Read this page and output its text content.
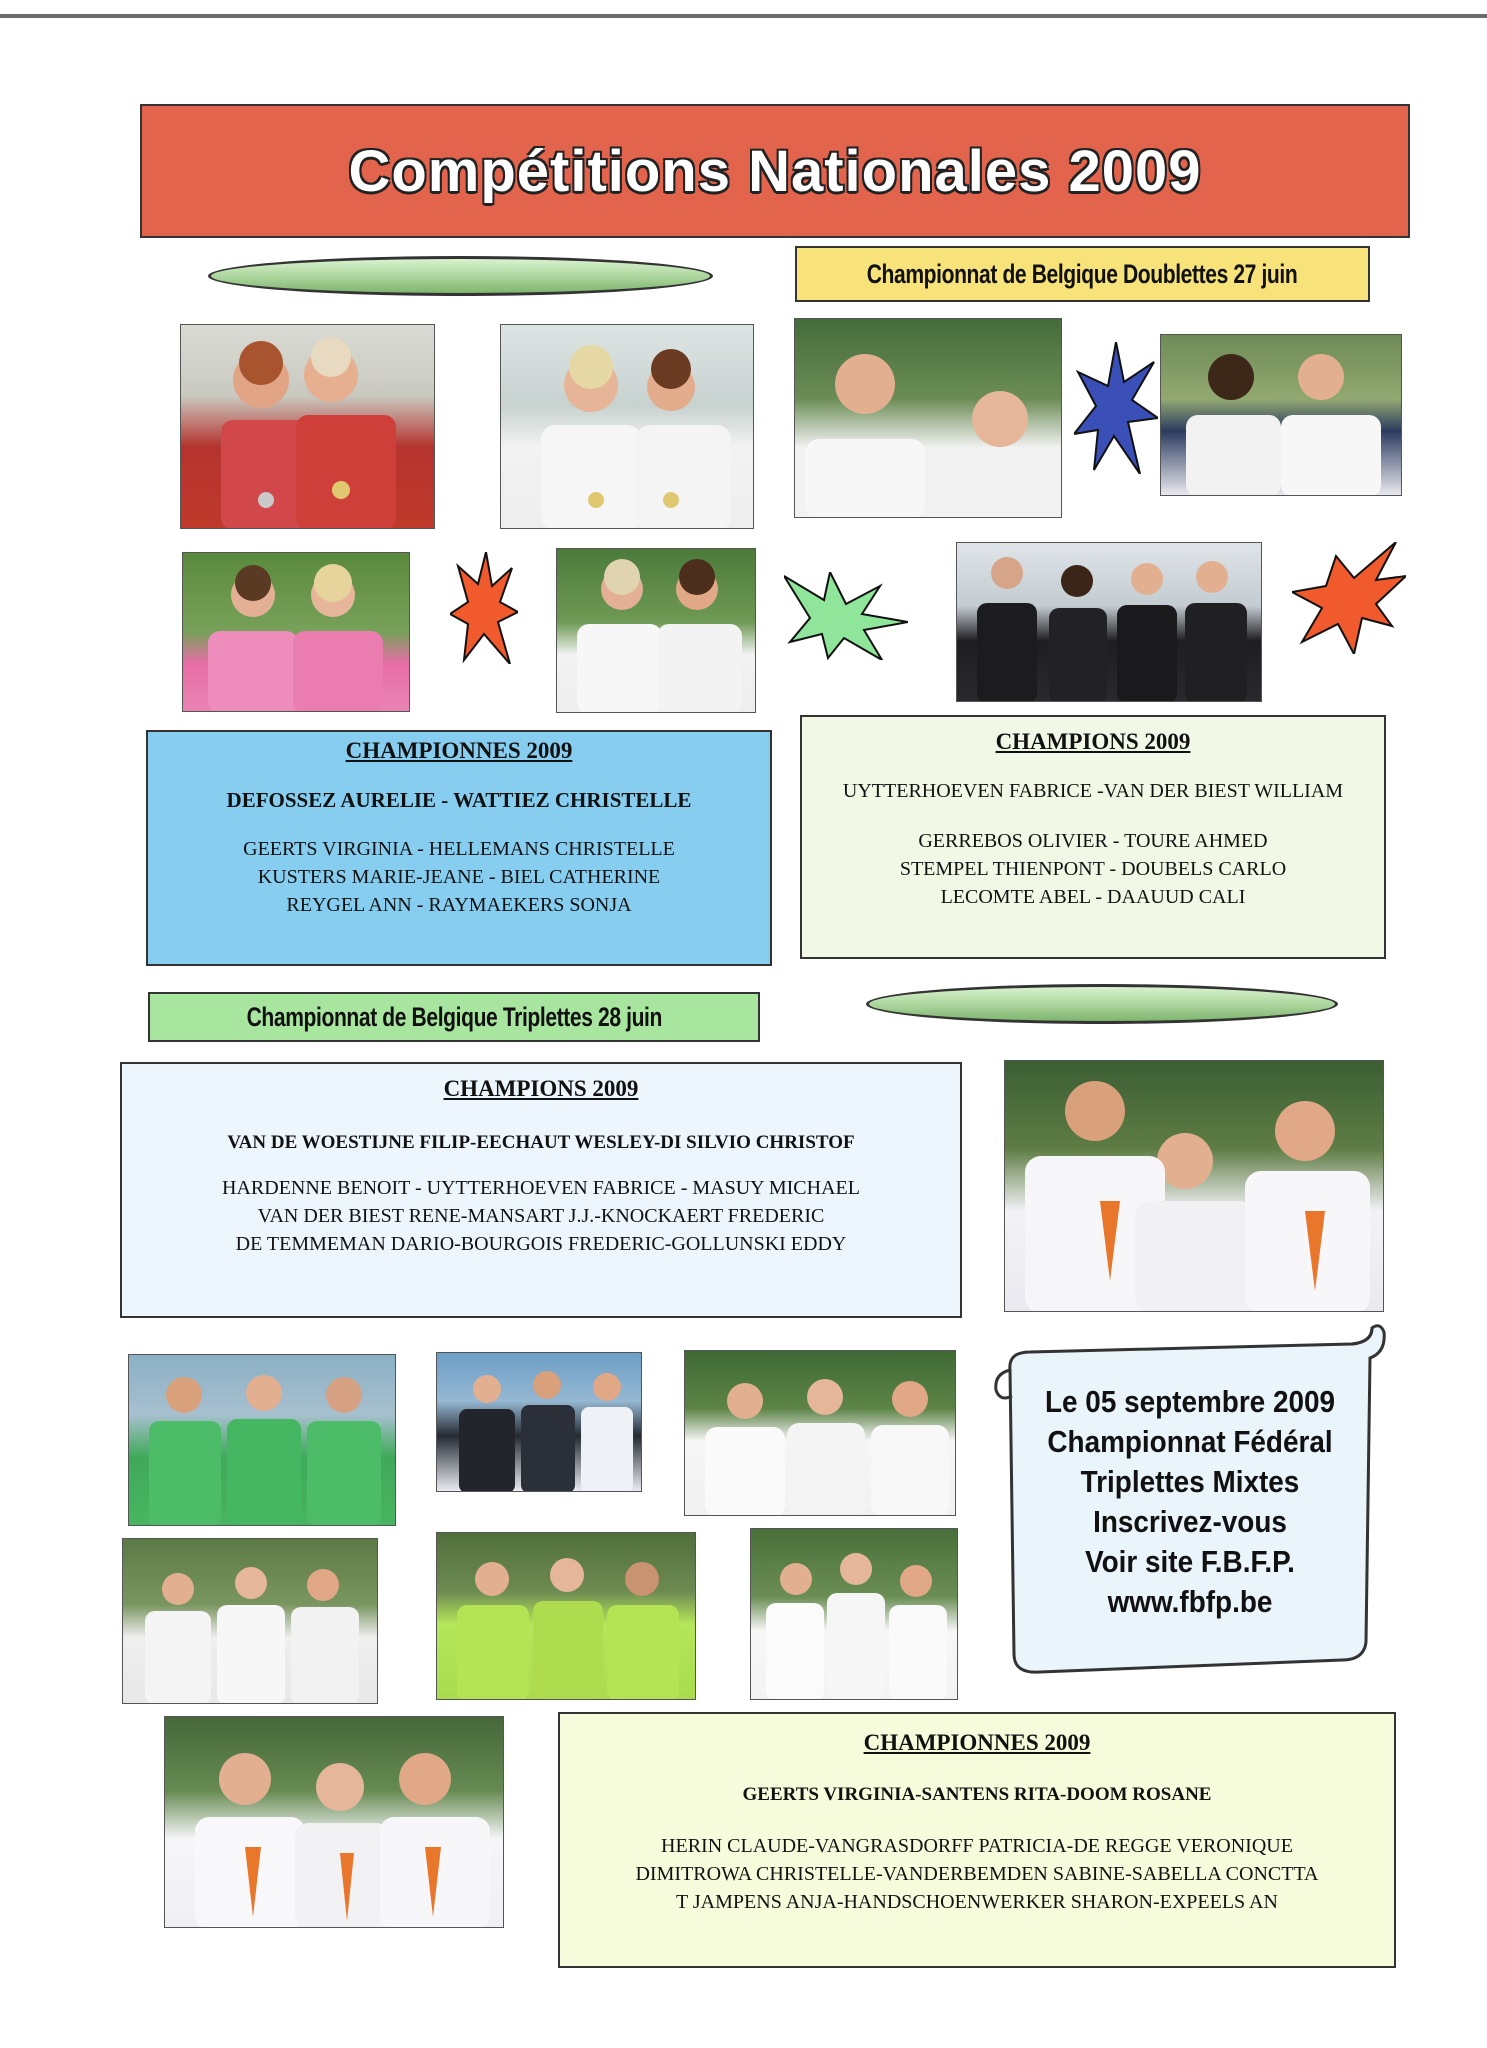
Compétitions Nationales 2009
Championnat de Belgique Doublettes 27 juin
Championnat de Belgique Triplettes 28 juin
CHAMPIONNES 2009
DEFOSSEZ AURELIE - WATTIEZ CHRISTELLE
GEERTS VIRGINIA - HELLEMANS CHRISTELLE
KUSTERS MARIE-JEANE - BIEL CATHERINE
REYGEL ANN - RAYMAEKERS SONJA
CHAMPIONS 2009
UYTTERHOEVEN FABRICE -VAN DER BIEST WILLIAM
GERREBOS OLIVIER - TOURE AHMED
STEMPEL THIENPONT - DOUBELS CARLO
LECOMTE ABEL - DAAUUD CALI
CHAMPIONS 2009
VAN DE WOESTIJNE FILIP-EECHAUT WESLEY-DI SILVIO CHRISTOF
HARDENNE BENOIT - UYTTERHOEVEN FABRICE - MASUY MICHAEL
VAN DER BIEST RENE-MANSART J.J.-KNOCKAERT FREDERIC
DE TEMMEMAN DARIO-BOURGOIS FREDERIC-GOLLUNSKI EDDY
Le 05 septembre 2009
Championnat Fédéral
Triplettes Mixtes
Inscrivez-vous
Voir site F.B.F.P.
www.fbfp.be
CHAMPIONNES 2009
GEERTS VIRGINIA-SANTENS RITA-DOOM ROSANE
HERIN CLAUDE-VANGRASDORFF PATRICIA-DE REGGE VERONIQUE
DIMITROWA CHRISTELLE-VANDERBEMDEN SABINE-SABELLA CONCTTA
T JAMPENS ANJA-HANDSCHOENWERKER SHARON-EXPEELS AN
